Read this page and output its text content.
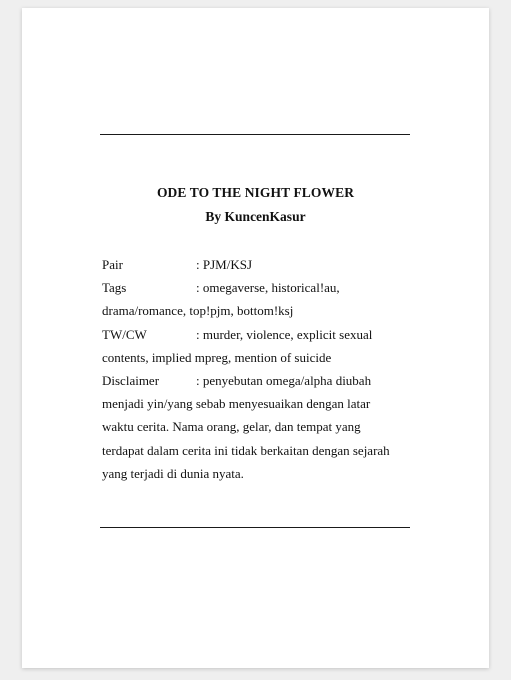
ODE TO THE NIGHT FLOWER
By KuncenKasur
Pair	: PJM/KSJ
Tags	: omegaverse, historical!au,
drama/romance, top!pjm, bottom!ksj
TW/CW	: murder, violence, explicit sexual
contents, implied mpreg, mention of suicide
Disclaimer	: penyebutan omega/alpha diubah
menjadi yin/yang sebab menyesuaikan dengan latar
waktu cerita. Nama orang, gelar, dan tempat yang
terdapat dalam cerita ini tidak berkaitan dengan sejarah
yang terjadi di dunia nyata.
